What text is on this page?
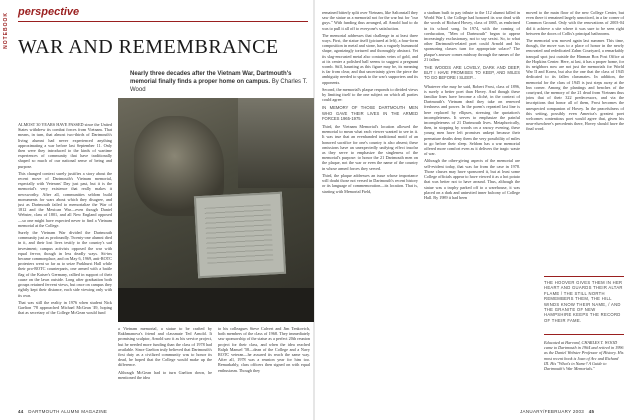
NOTEBOOK perspective
WAR AND REMEMBRANCE
Nearly three decades after the Vietnam War, Dartmouth's memorial finally finds a proper home on campus. By Charles T. Wood

ALMOST 30 YEARS HAVE PASSED since the United States withdrew its combat forces from Vietnam. That means, in turn, that almost two-thirds of Dartmouth's living alumni had never experienced anything approximating a war before last September 11. Only then were they introduced to the kinds of wartime experiences of community that have traditionally shaped so much of our national sense of being and purpose.

This changed context surely justifies a story about the recent move of Dartmouth's Vietnam memorial, especially with Veterans' Day just past, but it is the memorial's very existence that really makes it newsworthy. After all, communities seldom build monuments for wars about which they disagree, and just as Dartmouth failed to memorialize the War of 1812 and the Mexican War—even though Daniel Webster, class of 1801, and all New England opposed—so one might have expected never to find a Vietnam memorial at the College.

Surely the Vietnam War divided the Dartmouth community just as profoundly. Twenty-one alumni died in it, and their lost lives testify to the country's sad investment; campus activists opposed the war with equal fervor, though in less deadly ways. Sit-ins became commonplace, and on May 6, 1969, anti-ROTC protesters went so far as to seize Parkhurst Hall while their pro-ROTC counterparts, one armed with a battle flag of the Kaiser's Germany, rallied in support of their cause on the lawn outside. Long after graduation both groups retained fervent views, but once on campus they rightly kept their distance, each side viewing only with its own.

That was still the reality in 1976 when student Nick Gaelton '78 approached Michael McGean '49, hoping that as secretary of the College McGean would fund

a Vietnam memorial, a statue to be crafted by Rakhmanova's friend and classmate Ted Arnold. It promising sculptor, Arnold saw it as his service project, but he needed more funding than the class of 1978 had available. Since Gaelton truly believed that Dartmouth's first duty as a civilized community was to honor its dead, he hoped that the College would make up the difference.

Although McGean had to turn Gaelton down, he mentioned the idea

to his colleagues Steve Calvert and Jim Tenkovich, both members of the class of 1968. They immediately saw sponsorship of the statue as a perfect 20th reunion project for their class, and when the idea reached Ralph Manuel '58—dean of the College and a Navy ROTC veteran—he assured its reach the same way. After all, 1978 was a reunion year for him too. Remarkably, class officers then signed on with equal enthusiasm. Though they

remained bitterly split over Vietnam, like Saltonstall they saw the statue as a memorial not for the war but for "our guys." With funding thus arranged, all Arnold had to do was to pull it all off to everyone's satisfaction.

The memorial addresses that challenge in at least three ways. First, the statue itself (pictured at left), a four-form composition in metal and stone, has a vaguely humanoid shape, agonizingly tortured and thoroughly abstract. Yet its slag-encrusted metal also contains veins of gold, and at its center a polished ball seems to suggest a pregnant womb. Still, haunting as this figure may be, its meaning is far from clear, and that uncertainty gives the piece the ambiguity needed to speak to the war's supporters and its opponents.

Second, the memorial's plaque responds to divided views by limiting itself to the one subject on which all parties could agree:

IN MEMORY OF THOSE DARTMOUTH MEN WHO GAVE THEIR LIVES IN THE ARMED FORCES 1965-1975

Third, the Vietnam Memorial's location allowed the memorial to mean what each viewer wanted to see in it. It was true that an evenhanded traditional motif of an honored sacrifice for one's country is also absent; these omissions have an unexpectedly unifying effect insofar as they serve to emphasize the singleness of the memorial's purpose: to honor the 21 Dartmouth men on the plaque, not the war or even the name of the country in whose armed forces they served.

Third, the plaque addresses an issue whose importance will doubt those not versed in Dartmouth's recent history or its language of commemoration—its location. That is, starting with Memorial Field,

a stadium built to pay tribute to the 112 alumni killed in World War I, the College had honored its war dead with the words of Richard Hovey, class of 1885, as enshrined in its school song. In 1974, with the coming of coeducation, "Men of Dartmouth" began to appear increasingly exclusionary, not to say sexist. So, to what other Dartmouth-related poet could Arnold and his sponsoring classes turn for appropriate solace? The plaque's answer comes midway through the names of the 21 fallen:

THE WOODS ARE LOVELY, DARK AND DEEP, BUT I HAVE PROMISES TO KEEP, AND MILES TO GO BEFORE I SLEEP...

Whatever else may be said, Robert Frost, class of 1896, is surely a better poet than Hovey. And though these familiar lines have become a cliché, in the context of Dartmouth's Vietnam dead they take on renewed freshness and power. In the poem's repeated last line is here replaced by ellipses, stressing the quotation's incompleteness. It serves to emphasize the painful incompleteness of 21 Dartmouth lives. Metaphorically, then, in stopping by woods on a snowy evening, these young men have left promises unkept because their premature deaths deny them the very possibility of miles to go before their sleep. Seldom has a war memorial offered more comfort even as it delivers the tragic waste of war.

Although the other-giving aspects of the memorial are self-evident today, that was far from the case in 1978. Those classes may have sponsored it, but at least some College officials appear to have viewed it as a hot potato that was better not to have around. Thus, although the statue was a trophy parked off to a warehouse, it was placed on a dark and uninvited inner balcony of College Hall. By 1989 it had been

moved to the main floor of the new College Center, but even there it remained largely unnoticed, in a far corner of Common Ground. Only with the renovations of 2003-04 did it achieve a site where it was sure to be seen right between the doors of Collis's principal bathrooms.

The memorial was moved again last summer. This time, though, the move was to a place of honor in the newly renovated and rededicated Zahm Courtyard, a remarkably tranquil spot just outside the Hinman Box Post Office at the Hopkins Center. Here, at last, it has a proper home, for its neighbors now are not just the memorials for World War II and Korea, but also the one that the class of 1945 dedicated to its fallen classmates. In addition, the memorial for the class of 1945 is just steps away at the Inn corner. Among the plantings and benches of the courtyard, the memory of the 21 dead from Vietnam thus joins that of their 322 predecessors, and via the inscriptions that honor all of them, Frost becomes the unexpected companion of Hovey. In the peacefulness of this setting, possibly even America's greatest poet welcomes contentious poet would agree that, given his near-elsewhere's precedents there, Hovey should have the final word.

THE HOOVER GIVES THEM IN HER HEART AND GUARDS THEIR ALTAR FLAME / THE STILL NORTH REMEMBERS THEM, THE HILL WINDS KNOW THEIR NAME, / AND THE GRANITE OF NEW HAMPSHIRE KEEPS THE RECORD OF THEIR FAME.
Educated at Harvard, CHARLES T. WOOD came to Dartmouth in 1964 and retired in 1996 as the Daniel Webster Professor of History. His most recent book is Joan of Arc and Richard III. His "What's in Name? A Guide to Dartmouth's War Memorials."
44 DARTMOUTH ALUMNI MAGAZINE	JANUARY/FEBRUARY 2003 45
